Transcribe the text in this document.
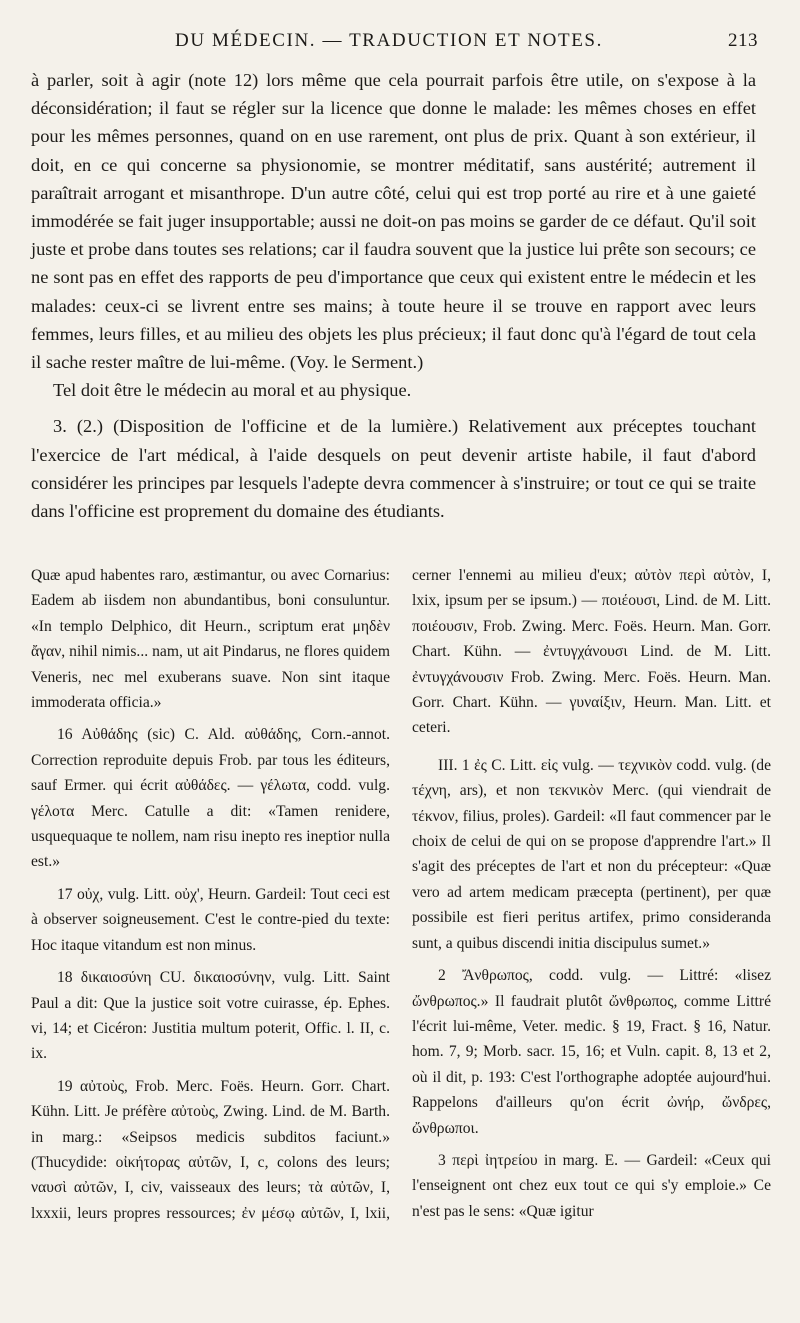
DU MÉDECIN. — TRADUCTION ET NOTES.	213

à parler, soit à agir (note 12) lors même que cela pourrait parfois être utile, on s'expose à la déconsidération; il faut se régler sur la licence que donne le malade: les mêmes choses en effet pour les mêmes personnes, quand on en use rarement, ont plus de prix. Quant à son extérieur, il doit, en ce qui concerne sa physionomie, se montrer méditatif, sans austérité; autrement il paraîtrait arrogant et misanthrope. D'un autre côté, celui qui est trop porté au rire et à une gaieté immodérée se fait juger insupportable; aussi ne doit-on pas moins se garder de ce défaut. Qu'il soit juste et probe dans toutes ses relations; car il faudra souvent que la justice lui prête son secours; ce ne sont pas en effet des rapports de peu d'importance que ceux qui existent entre le médecin et les malades: ceux-ci se livrent entre ses mains; à toute heure il se trouve en rapport avec leurs femmes, leurs filles, et au milieu des objets les plus précieux; il faut donc qu'à l'égard de tout cela il sache rester maître de lui-même. (Voy. le Serment.)

Tel doit être le médecin au moral et au physique.

3. (2.) (Disposition de l'officine et de la lumière.) Relativement aux préceptes touchant l'exercice de l'art médical, à l'aide desquels on peut devenir artiste habile, il faut d'abord considérer les principes par lesquels l'adepte devra commencer à s'instruire; or tout ce qui se traite dans l'officine est proprement du domaine des étudiants.

Quæ apud habentes raro, æstimantur, ou avec Cornarius: Eadem ab iisdem non abundantibus, boni consuluntur. «In templo Delphico, dit Heurn., scriptum erat μηδὲν ἄγαν, nihil nimis... nam, ut ait Pindarus, ne flores quidem Veneris, nec mel exuberans suave. Non sint itaque immoderata officia.»

16 Αὐθάδης (sic) C. Ald. αὐθάδης, Corn.-annot. Correction reproduite depuis Frob. par tous les éditeurs, sauf Ermer. qui écrit αὐθάδες. — γέλωτα, codd. vulg. γέλοτα Merc. Catulle a dit: «Tamen renidere, usquequaque te nollem, nam risu inepto res ineptior nulla est.»

17 οὐχ, vulg. Litt. οὐχ', Heurn. Gardeil: Tout ceci est à observer soigneusement. C'est le contre-pied du texte: Hoc itaque vitandum est non minus.

18 δικαιοσύνη CU. δικαιοσύνην, vulg. Litt. Saint Paul a dit: Que la justice soit votre cuirasse, ép. Ephes. vi, 14; et Cicéron: Justitia multum poterit, Offic. l. II, c. ix.

19 αὐτοὺς, Frob. Merc. Foës. Heurn. Gorr. Chart. Kühn. Litt. Je préfère αὐτοὺς, Zwing. Lind. de M. Barth. in marg.: «Seipsos medicis subditos faciunt.» (Thucydide: οἰκήτορας αὐτῶν, I, c, colons des leurs; ναυσὶ αὐτῶν, I, civ, vaisseaux des leurs; τὰ αὐτῶν, I, lxxxii, leurs propres ressources; ἐν μέσῳ αὐτῶν, I, lxii, cerner l'ennemi au milieu d'eux; αὐτὸν περὶ αὐτὸν, I, lxix, ipsum per se ipsum.) — ποιέουσι, Lind. de M. Litt. ποιέουσιν, Frob. Zwing. Merc. Foës. Heurn. Man. Gorr. Chart. Kühn. — ἐντυγχάνουσι Lind. de M. Litt. ἐντυγχάνουσιν Frob. Zwing. Merc. Foës. Heurn. Man. Gorr. Chart. Kühn. — γυναίξιν, Heurn. Man. Litt. et ceteri.

III. 1 ἐς C. Litt. εἰς vulg. — τεχνικὸν codd. vulg. (de τέχνη, ars), et non τεκνικὸν Merc. (qui viendrait de τέκνον, filius, proles). Gardeil: «Il faut commencer par le choix de celui de qui on se propose d'apprendre l'art.» Il s'agit des préceptes de l'art et non du précepteur: «Quæ vero ad artem medicam præcepta (pertinent), per quæ possibile est fieri peritus artifex, primo consideranda sunt, a quibus discendi initia discipulus sumet.»

2 Ἄνθρωπος, codd. vulg. — Littré: «lisez ὤνθρωπος.» Il faudrait plutôt ὤνθρωπος, comme Littré l'écrit lui-même, Veter. medic. § 19, Fract. § 16, Natur. hom. 7, 9; Morb. sacr. 15, 16; et Vuln. capit. 8, 13 et 2, où il dit, p. 193: C'est l'orthographe adoptée aujourd'hui. Rappelons d'ailleurs qu'on écrit ὠνήρ, ὤνδρες, ὤνθρωποι.

3 περὶ ἰητρείου in marg. E. — Gardeil: «Ceux qui l'enseignent ont chez eux tout ce qui s'y emploie.» Ce n'est pas le sens: «Quæ igitur
